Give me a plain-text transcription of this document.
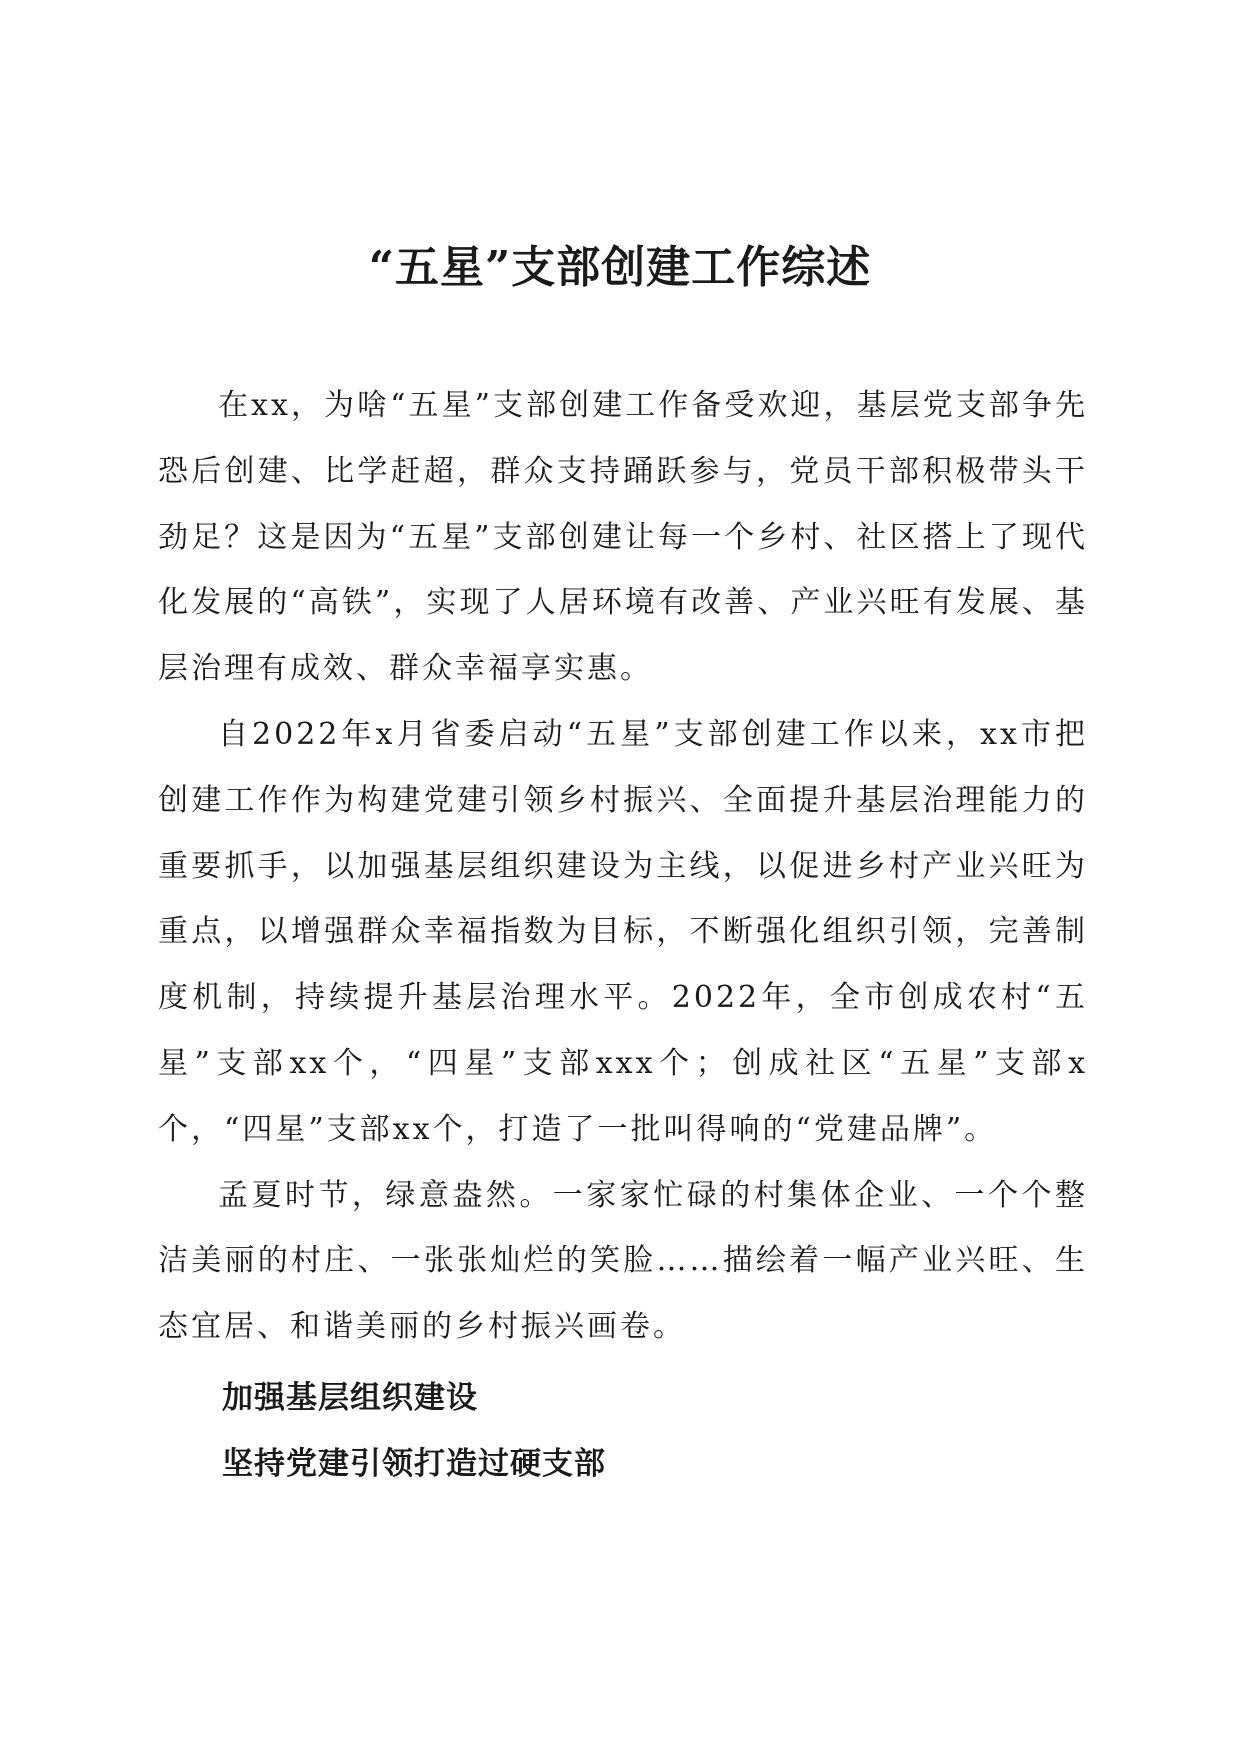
“五星”支部创建工作综述

在xx，为啥“五星”支部创建工作备受欢迎，基层党支部争先恐后创建、比学赶超，群众支持踊跃参与，党员干部积极带头干劲足？这是因为“五星”支部创建让每一个乡村、社区搭上了现代化发展的“高铁”，实现了人居环境有改善、产业兴旺有发展、基层治理有成效、群众幸福享实惠。

自2022年x月省委启动“五星”支部创建工作以来，xx市把创建工作作为构建党建引领乡村振兴、全面提升基层治理能力的重要抓手，以加强基层组织建设为主线，以促进乡村产业兴旺为重点，以增强群众幸福指数为目标，不断强化组织引领，完善制度机制，持续提升基层治理水平。2022年，全市创成农村“五星”支部xx个，“四星”支部xxx个；创成社区“五星”支部x个，“四星”支部xx个，打造了一批叫得响的“党建品牌”。

孟夏时节，绿意盎然。一家家忙碌的村集体企业、一个个整洁美丽的村庄、一张张灿烂的笑脸……描绘着一幅产业兴旺、生态宜居、和谐美丽的乡村振兴画卷。

加强基层组织建设

坚持党建引领打造过硬支部
